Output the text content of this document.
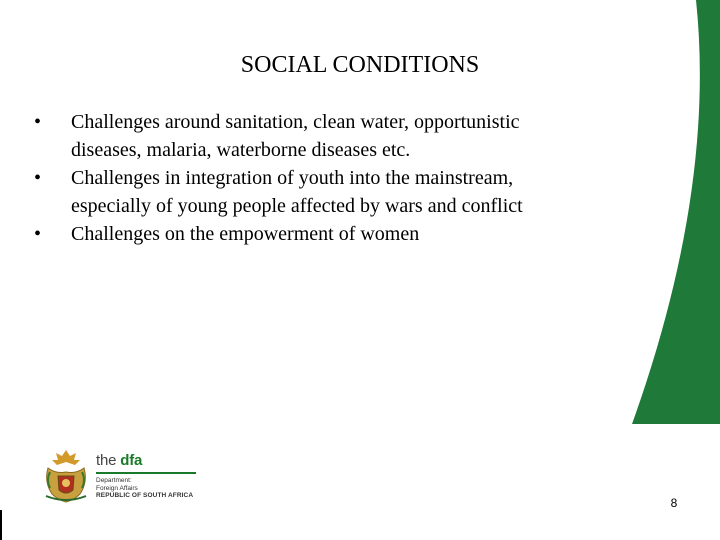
SOCIAL CONDITIONS
•	Challenges around sanitation, clean water, opportunistic
diseases, malaria, waterborne diseases etc.
•	Challenges in integration of youth into the mainstream,
especially of young people affected by wars and conflict
•	Challenges on the empowerment of women
the dfa
Department:
Foreign Affairs
REPUBLIC OF SOUTH AFRICA
8
